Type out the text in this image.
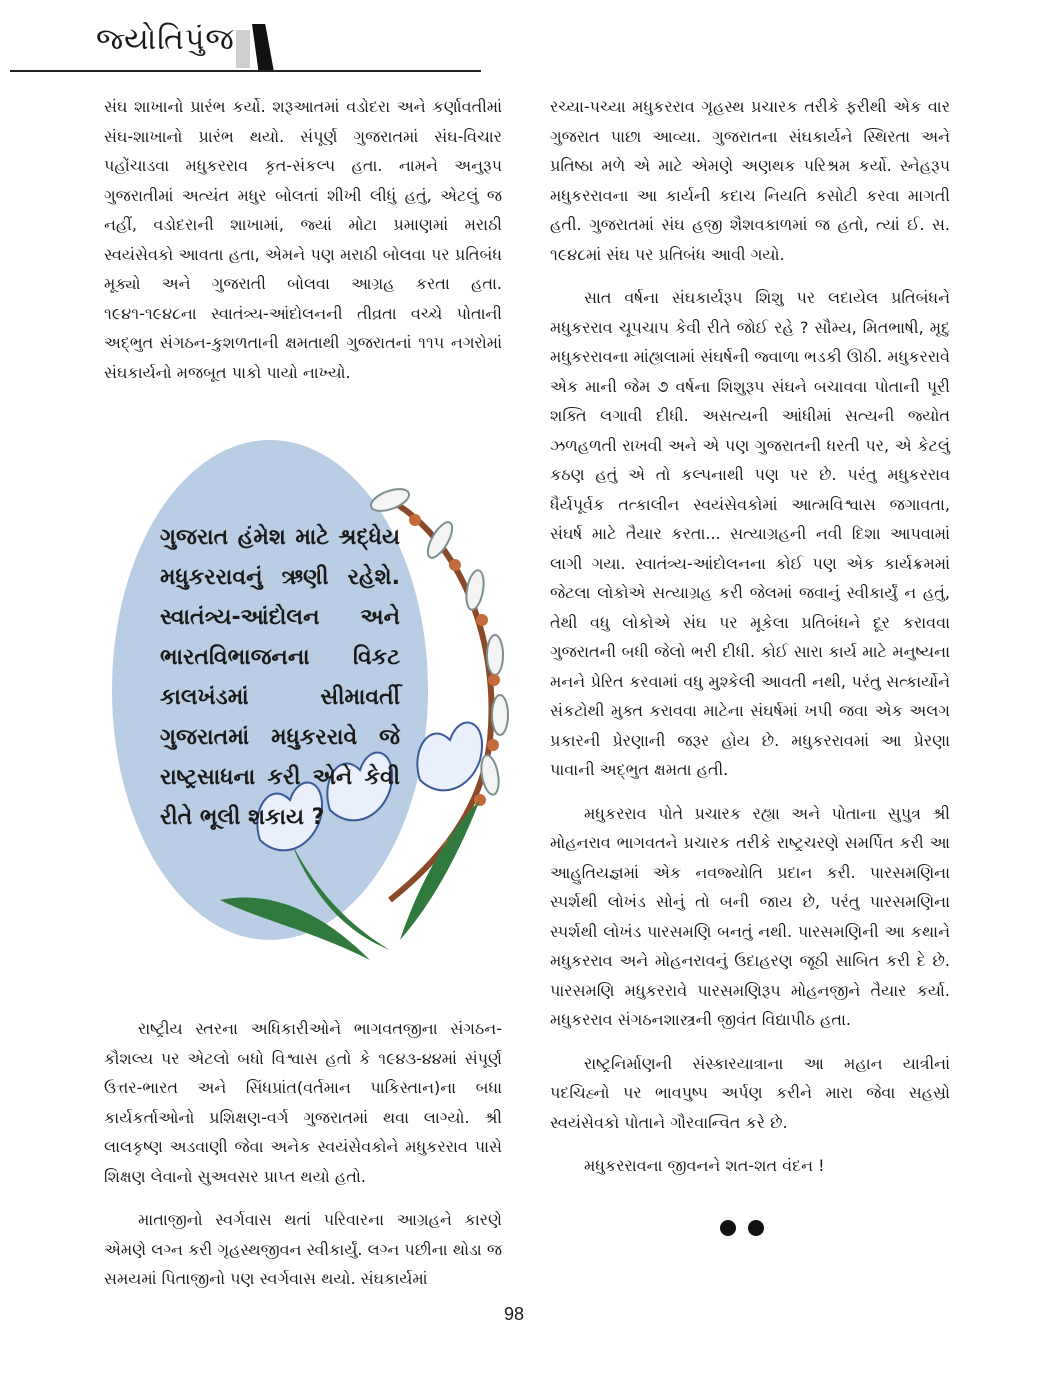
જ્યોતિપુંજ

સંઘ શાખાનો પ્રારંભ કર્યો. શરૂઆતમાં વડોદરા અને કર્ણાવતીમાં સંઘ-શાખાનો પ્રારંભ થયો. સંપૂર્ણ ગુજરાતમાં સંઘ-વિચાર પહોંચાડવા મધુકરરાવ કૃત-સંકલ્પ હતા. નામને અનુરૂપ ગુજરાતીમાં અત્યંત મધુર બોલતાં શીખી લીધું હતું, એટલું જ નહીં, વડોદરાની શાખામાં, જ્યાં મોટા પ્રમાણમાં મરાઠી સ્વયંસેવકો આવતા હતા, એમને પણ મરાઠી બોલવા પર પ્રતિબંધ મૂક્યો અને ગુજરાતી બોલવા આગ્રહ કરતા હતા. ૧૯૪૧-૧૯૪૮ના સ્વાતંત્ર્ય-આંદોલનની તીવ્રતા વચ્ચે પોતાની અદ્ભુત સંગઠન-કુશળતાની ક્ષમતાથી ગુજરાતનાં ૧૧૫ નગરોમાં સંઘકાર્યનો મજબૂત પાકો પાયો નાખ્યો.

ગુજરાત હંમેશ માટે શ્રદ્ધેય મધુકરરાવનું ઋણી રહેશે. સ્વાતંત્ર્ય-આંદોલન અને ભારતવિભાજનના વિકટ કાલખંડમાં સીમાવર્તી ગુજરાતમાં મધુકરરાવે જે રાષ્ટ્રસાધના કરી એને કેવી રીતે ભૂલી શકાય ?

રાષ્ટ્રીય સ્તરના અધિકારીઓને ભાગવતજીના સંગઠન-કૌશલ્ય પર એટલો બધો વિશ્વાસ હતો કે ૧૯૪૩-૪૪માં સંપૂર્ણ ઉત્તર-ભારત અને સિંધપ્રાંત(વર્તમાન પાકિસ્તાન)ના બધા કાર્યકર્તાઓનો પ્રશિક્ષણ-વર્ગ ગુજરાતમાં થવા લાગ્યો. શ્રી લાલકૃષ્ણ અડવાણી જેવા અનેક સ્વયંસેવકોને મધુકરરાવ પાસે શિક્ષણ લેવાનો સુઅવસર પ્રાપ્ત થયો હતો.

માતાજીનો સ્વર્ગવાસ થતાં પરિવારના આગ્રહને કારણે એમણે લગ્ન કરી ગૃહસ્થજીવન સ્વીકાર્યું. લગ્ન પછીના થોડા જ સમયમાં પિતાજીનો પણ સ્વર્ગવાસ થયો. સંઘકાર્યમાં

રચ્યા-પચ્યા મધુકરરાવ ગૃહસ્થ પ્રચારક તરીકે ફરીથી એક વાર ગુજરાત પાછા આવ્યા. ગુજરાતના સંઘકાર્યને સ્થિરતા અને પ્રતિષ્ઠા મળે એ માટે એમણે અણથક પરિશ્રમ કર્યો. સ્નેહરૂપ મધુકરરાવના આ કાર્યની કદાચ નિયતિ કસોટી કરવા માગતી હતી. ગુજરાતમાં સંઘ હજી શૈશવકાળમાં જ હતો, ત્યાં ઈ. સ. ૧૯૪૮માં સંઘ પર પ્રતિબંધ આવી ગયો.

સાત વર્ષના સંઘકાર્યરૂપ શિશુ પર લદાયેલ પ્રતિબંધને મધુકરરાવ ચૂપચાપ કેવી રીતે જોઈ રહે ? સૌમ્ય, મિતભાષી, મૃદુ મધુકરરાવના માંહ્યલામાં સંઘર્ષની જ્વાળા ભડકી ઊઠી. મધુકરરાવે એક માની જેમ ૭ વર્ષના શિશુરૂપ સંઘને બચાવવા પોતાની પૂરી શક્તિ લગાવી દીધી. અસત્યની આંધીમાં સત્યની જ્યોત ઝળહળતી રાખવી અને એ પણ ગુજરાતની ધરતી પર, એ કેટલું કઠણ હતું એ તો કલ્પનાથી પણ પર છે. પરંતુ મધુકરરાવ ધૈર્યપૂર્વક તત્કાલીન સ્વયંસેવકોમાં આત્મવિશ્વાસ જગાવતા, સંઘર્ષ માટે તૈયાર કરતા... સત્યાગ્રહની નવી દિશા આપવામાં લાગી ગયા. સ્વાતંત્ર્ય-આંદોલનના કોઈ પણ એક કાર્યક્રમમાં જેટલા લોકોએ સત્યાગ્રહ કરી જેલમાં જવાનું સ્વીકાર્યું ન હતું, તેથી વધુ લોકોએ સંઘ પર મૂકેલા પ્રતિબંધને દૂર કરાવવા ગુજરાતની બધી જેલો ભરી દીધી. કોઈ સારા કાર્ય માટે મનુષ્યના મનને પ્રેરિત કરવામાં વધુ મુશ્કેલી આવતી નથી, પરંતુ સત્કાર્યોને સંકટોથી મુક્ત કરાવવા માટેના સંઘર્ષમાં ખપી જવા એક અલગ પ્રકારની પ્રેરણાની જરૂર હોય છે. મધુકરરાવમાં આ પ્રેરણા પાવાની અદ્ભુત ક્ષમતા હતી.

મધુકરરાવ પોતે પ્રચારક રહ્યા અને પોતાના સુપુત્ર શ્રી મોહનરાવ ભાગવતને પ્રચારક તરીકે રાષ્ટ્રચરણે સમર્પિત કરી આ આહુતિયજ્ઞમાં એક નવજ્યોતિ પ્રદાન કરી. પારસમણિના સ્પર્શથી લોખંડ સોનું તો બની જાય છે, પરંતુ પારસમણિના સ્પર્શથી લોખંડ પારસમણિ બનતું નથી. પારસમણિની આ કથાને મધુકરરાવ અને મોહનરાવનું ઉદાહરણ જૂઠી સાબિત કરી દે છે. પારસમણિ મધુકરરાવે પારસમણિરૂપ મોહનજીને તૈયાર કર્યા. મધુકરરાવ સંગઠનશાસ્ત્રની જીવંત વિદ્યાપીઠ હતા.

રાષ્ટ્રનિર્માણની સંસ્કારયાત્રાના આ મહાન યાત્રીનાં પદચિહ્નો પર ભાવપુષ્પ અર્પણ કરીને મારા જેવા સહસ્રો સ્વયંસેવકો પોતાને ગૌરવાન્વિત કરે છે.

મધુકરરાવના જીવનને શત-શત વંદન !

98
